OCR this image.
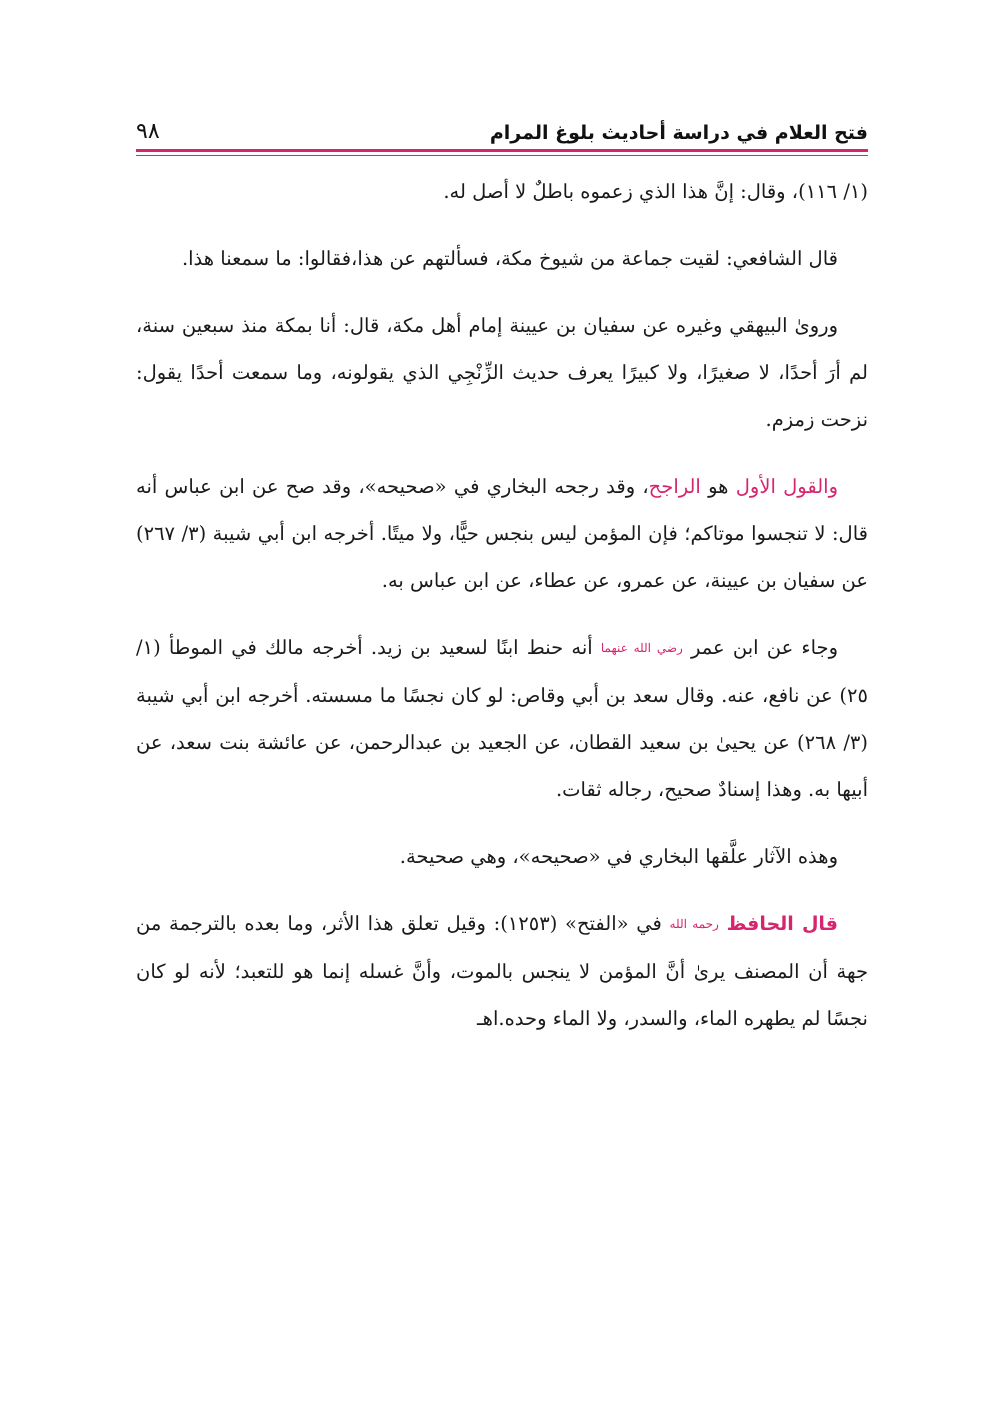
فتح العلام في دراسة أحاديث بلوغ المرام
٩٨

(١/ ١١٦)، وقال: إنَّ هذا الذي زعموه باطلٌ لا أصل له.

قال الشافعي: لقيت جماعة من شيوخ مكة، فسألتهم عن هذا،فقالوا: ما سمعنا هذا.

وروىٰ البيهقي وغيره عن سفيان بن عيينة إمام أهل مكة، قال: أنا بمكة منذ سبعين سنة، لم أرَ أحدًا، لا صغيرًا، ولا كبيرًا يعرف حديث الزِّنْجِي الذي يقولونه، وما سمعت أحدًا يقول: نزحت زمزم.

والقول الأول هو الراجح، وقد رجحه البخاري في «صحيحه»، وقد صح عن ابن عباس أنه قال: لا تنجسوا موتاكم؛ فإن المؤمن ليس بنجس حيًّا، ولا ميتًا. أخرجه ابن أبي شيبة (٣/ ٢٦٧) عن سفيان بن عيينة، عن عمرو، عن عطاء، عن ابن عباس به.

وجاء عن ابن عمر رضي الله عنهما أنه حنط ابنًا لسعيد بن زيد. أخرجه مالك في الموطأ (١/ ٢٥) عن نافع، عنه. وقال سعد بن أبي وقاص: لو كان نجسًا ما مسسته. أخرجه ابن أبي شيبة (٣/ ٢٦٨) عن يحيىٰ بن سعيد القطان، عن الجعيد بن عبدالرحمن، عن عائشة بنت سعد، عن أبيها به. وهذا إسنادٌ صحيح، رجاله ثقات.

وهذه الآثار علَّقها البخاري في «صحيحه»، وهي صحيحة.

قال الحافظ رحمه الله في «الفتح» (١٢٥٣): وقيل تعلق هذا الأثر، وما بعده بالترجمة من جهة أن المصنف يرىٰ أنَّ المؤمن لا ينجس بالموت، وأنَّ غسله إنما هو للتعبد؛ لأنه لو كان نجسًا لم يطهره الماء، والسدر، ولا الماء وحده.اهـ
